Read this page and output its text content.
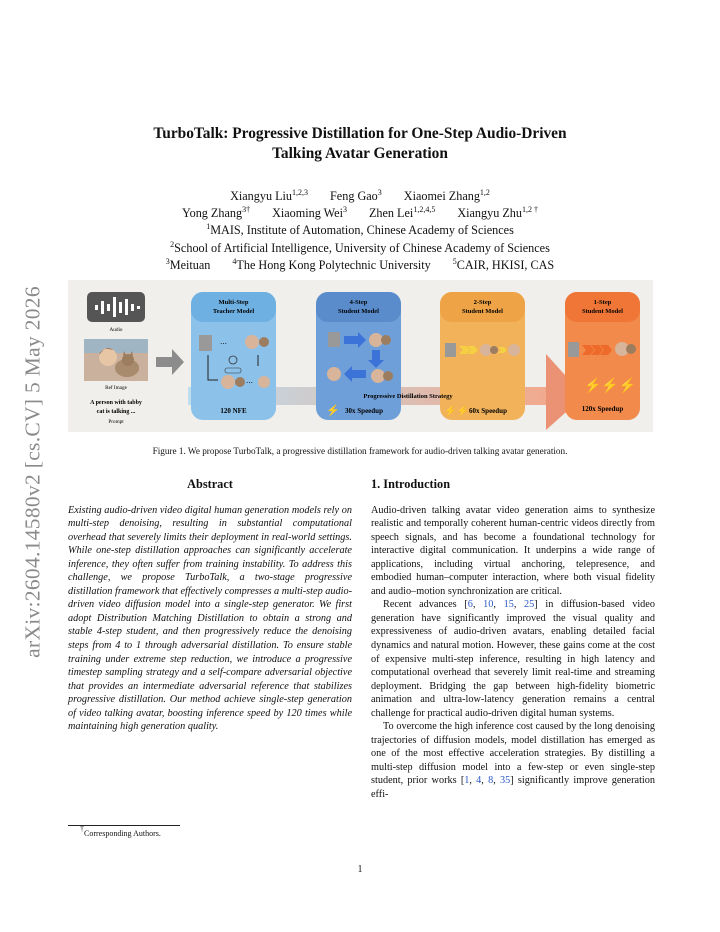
arXiv:2604.14580v2 [cs.CV] 5 May 2026
TurboTalk: Progressive Distillation for One-Step Audio-Driven
Talking Avatar Generation
Xiangyu Liu$^{1,2,3}$ Feng Gao$^3$ Xiaomei Zhang$^{1,2}$
Yong Zhang$^{3\dagger}$ Xiaoming Wei$^3$ Zhen Lei$^{1,2,4,5}$ Xiangyu Zhu$^{1,2 \dagger}$
$^1$MAIS, Institute of Automation, Chinese Academy of Sciences
$^2$School of Artificial Intelligence, University of Chinese Academy of Sciences
$^3$Meituan	$^4$The Hong Kong Polytechnic University	$^5$CAIR, HKISI, CAS
Audio
Ref Image
A person with tabby
cat is talking ...
Prompt
Multi-Step
Teacher Model
⋯
⋯
120 NFE
4-Step
Student Model
⚡ 30x Speedup
2-Step
Student Model
⚡⚡ 60x Speedup
1-Step
Student Model
⚡⚡⚡
120x Speedup
Progressive Distillation Strategy
Figure 1. We propose TurboTalk, a progressive distillation framework for audio-driven talking avatar generation.
Abstract

Existing audio-driven video digital human generation models rely on multi-step denoising, resulting in substantial computational overhead that severely limits their deployment in real-world settings. While one-step distillation approaches can significantly accelerate inference, they often suffer from training instability. To address this challenge, we propose TurboTalk, a two-stage progressive distillation framework that effectively compresses a multi-step audio-driven video diffusion model into a single-step generator. We first adopt Distribution Matching Distillation to obtain a strong and stable 4-step student, and then progressively reduce the denoising steps from 4 to 1 through adversarial distillation. To ensure stable training under extreme step reduction, we introduce a progressive timestep sampling strategy and a self-compare adversarial objective that provides an intermediate adversarial reference that stabilizes progressive distillation. Our method achieve single-step generation of video talking avatar, boosting inference speed by 120 times while maintaining high generation quality.

1. Introduction

Audio-driven talking avatar video generation aims to synthesize realistic and temporally coherent human-centric videos directly from speech signals, and has become a foundational technology for interactive digital communication. It underpins a wide range of applications, including virtual anchoring, telepresence, and embodied human–computer interaction, where both visual fidelity and audio–motion synchronization are critical.

Recent advances [6, 10, 15, 25] in diffusion-based video generation have significantly improved the visual quality and expressiveness of audio-driven avatars, enabling detailed facial dynamics and natural motion. However, these gains come at the cost of expensive multi-step inference, resulting in high latency and computational overhead that severely limit real-time and streaming deployment. Bridging the gap between high-fidelity biometric animation and ultra-low-latency generation remains a central challenge for practical audio-driven digital human systems.

To overcome the high inference cost caused by the long denoising trajectories of diffusion models, model distillation has emerged as one of the most effective acceleration strategies. By distilling a multi-step diffusion model into a few-step or even single-step student, prior works [1, 4, 8, 35] significantly improve generation effi-

†Corresponding Authors.
1
